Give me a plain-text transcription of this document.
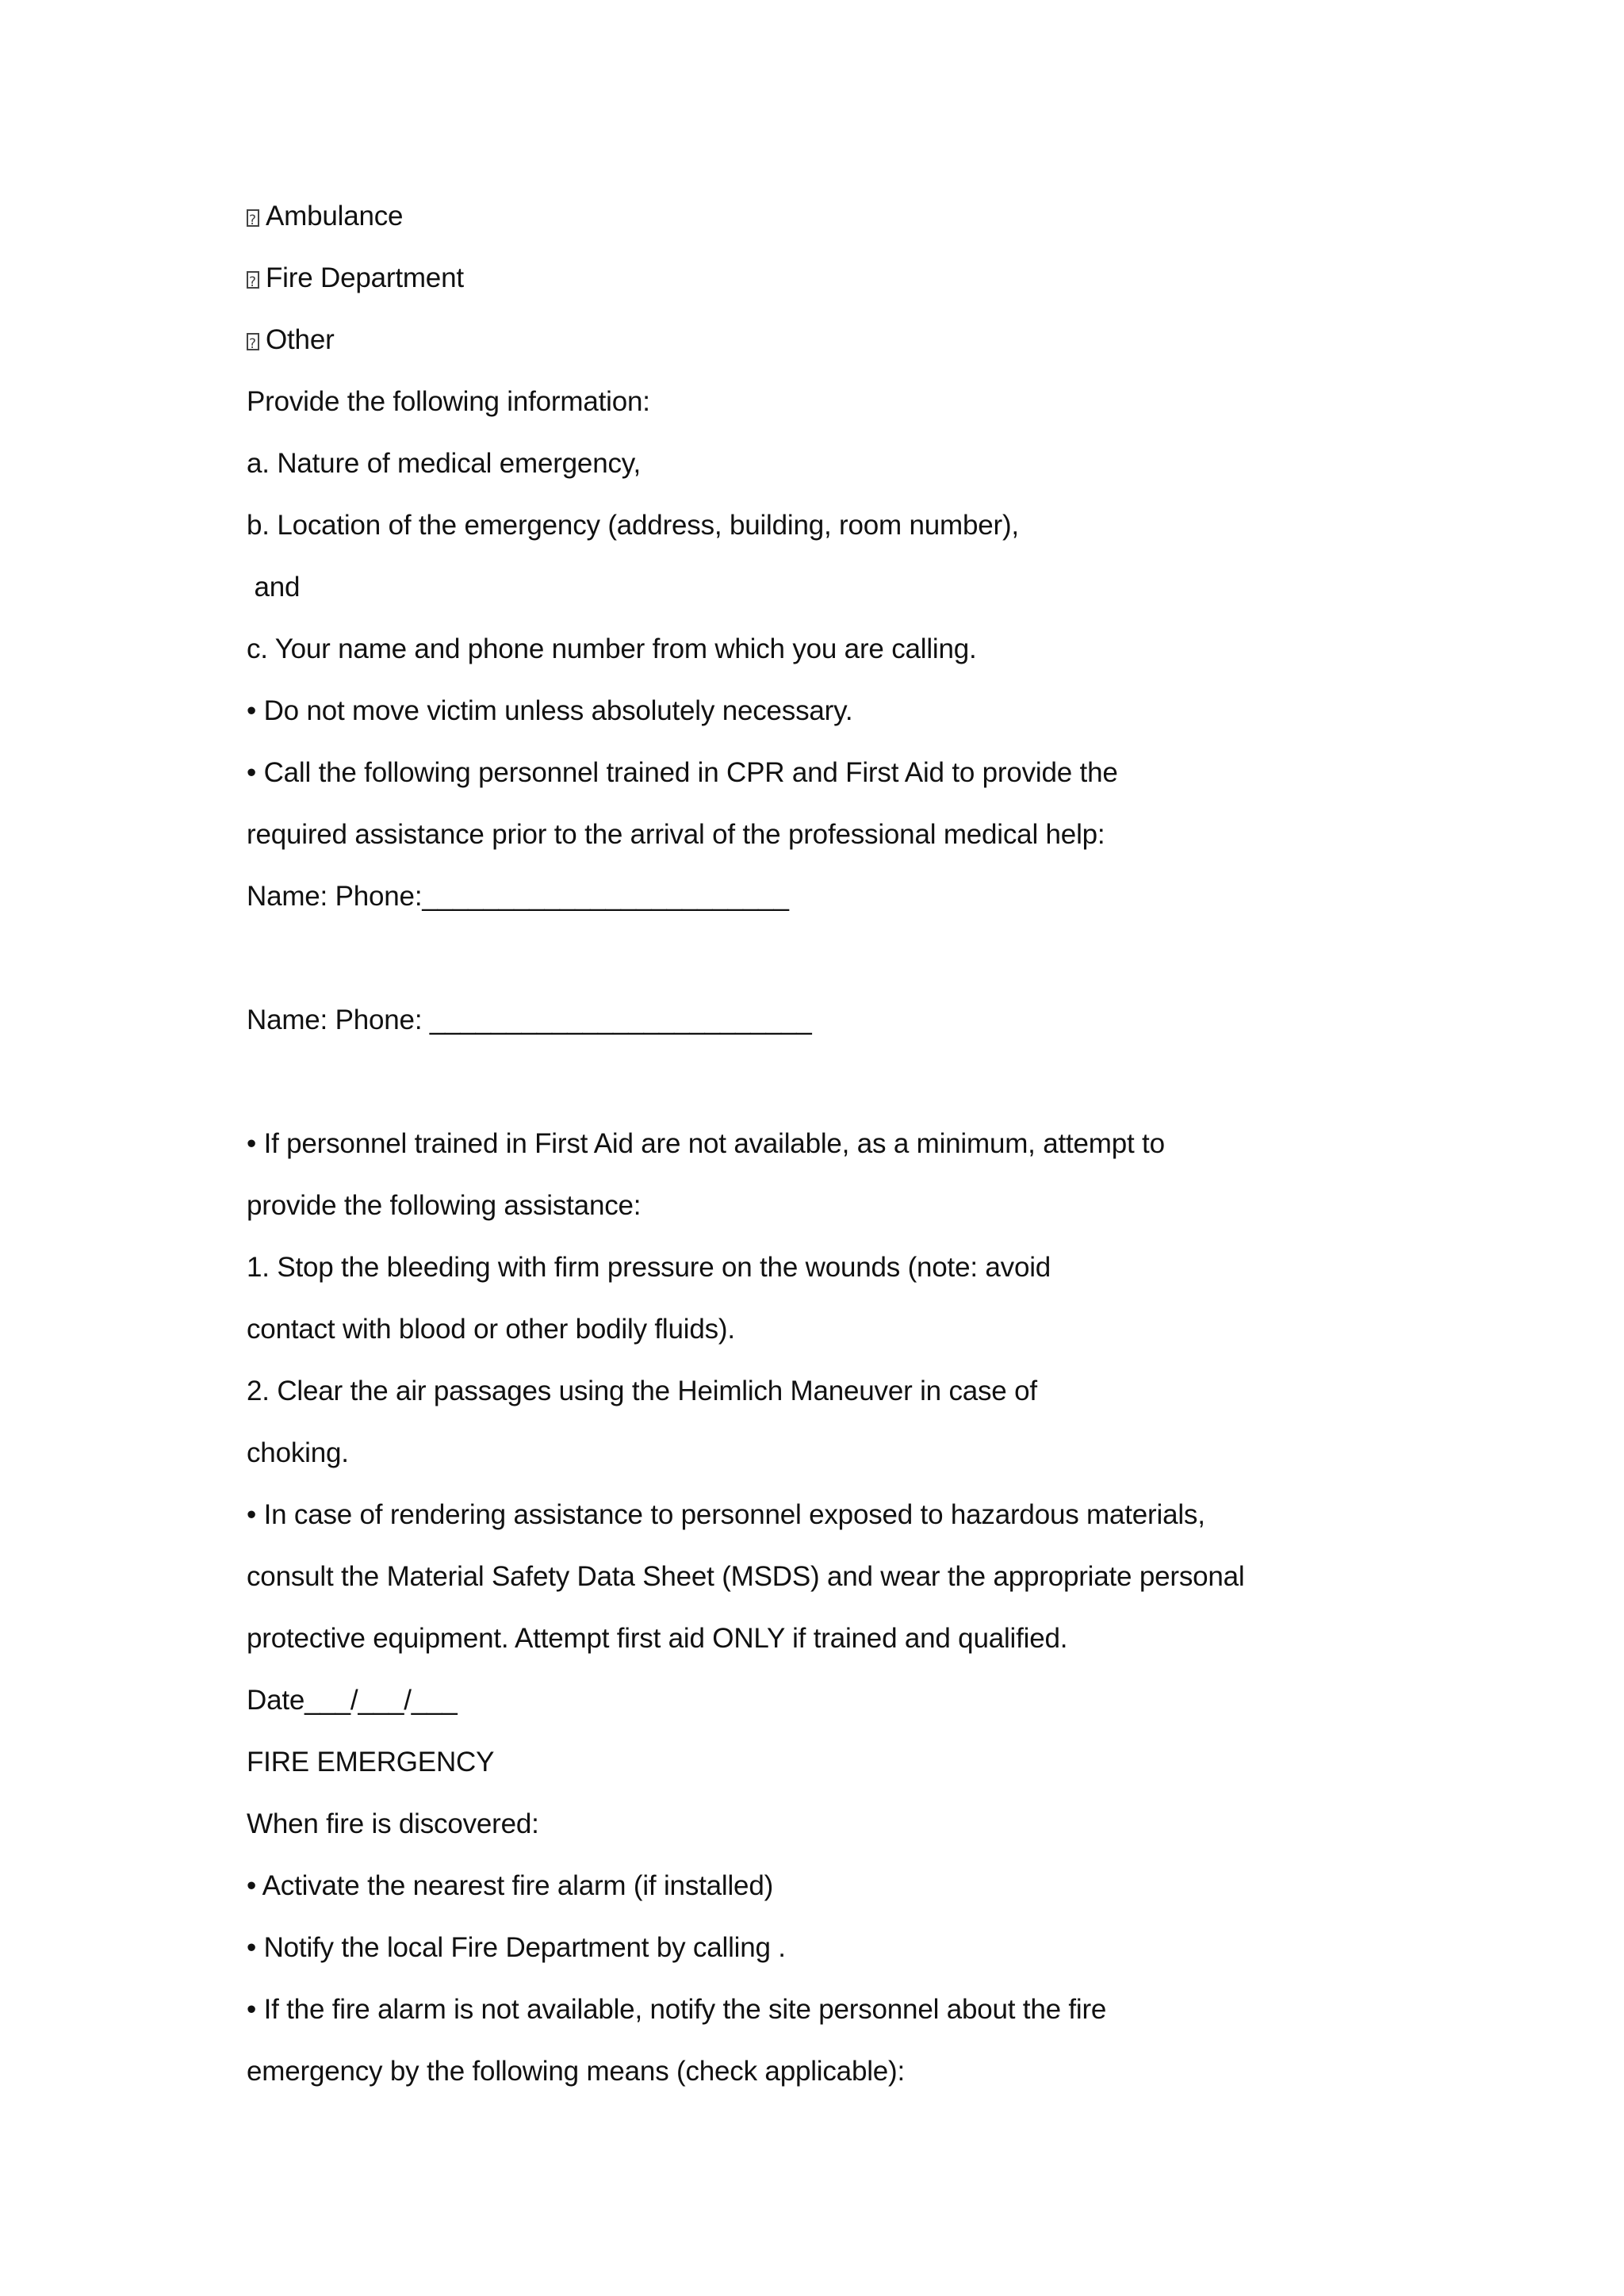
?Ambulance
?Fire Department
?Other
Provide the following information:
a. Nature of medical emergency,
b. Location of the emergency (address, building, room number),
and
c. Your name and phone number from which you are calling.
• Do not move victim unless absolutely necessary.
• Call the following personnel trained in CPR and First Aid to provide the
required assistance prior to the arrival of the professional medical help:
Name: Phone:________________________
Name: Phone: _________________________
• If personnel trained in First Aid are not available, as a minimum, attempt to
provide the following assistance:
1. Stop the bleeding with firm pressure on the wounds (note: avoid
contact with blood or other bodily fluids).
2. Clear the air passages using the Heimlich Maneuver in case of
choking.
• In case of rendering assistance to personnel exposed to hazardous materials,
consult the Material Safety Data Sheet (MSDS) and wear the appropriate personal
protective equipment. Attempt first aid ONLY if trained and qualified.
Date___/___/___
FIRE EMERGENCY
When fire is discovered:
• Activate the nearest fire alarm (if installed)
• Notify the local Fire Department by calling .
• If the fire alarm is not available, notify the site personnel about the fire
emergency by the following means (check applicable):
